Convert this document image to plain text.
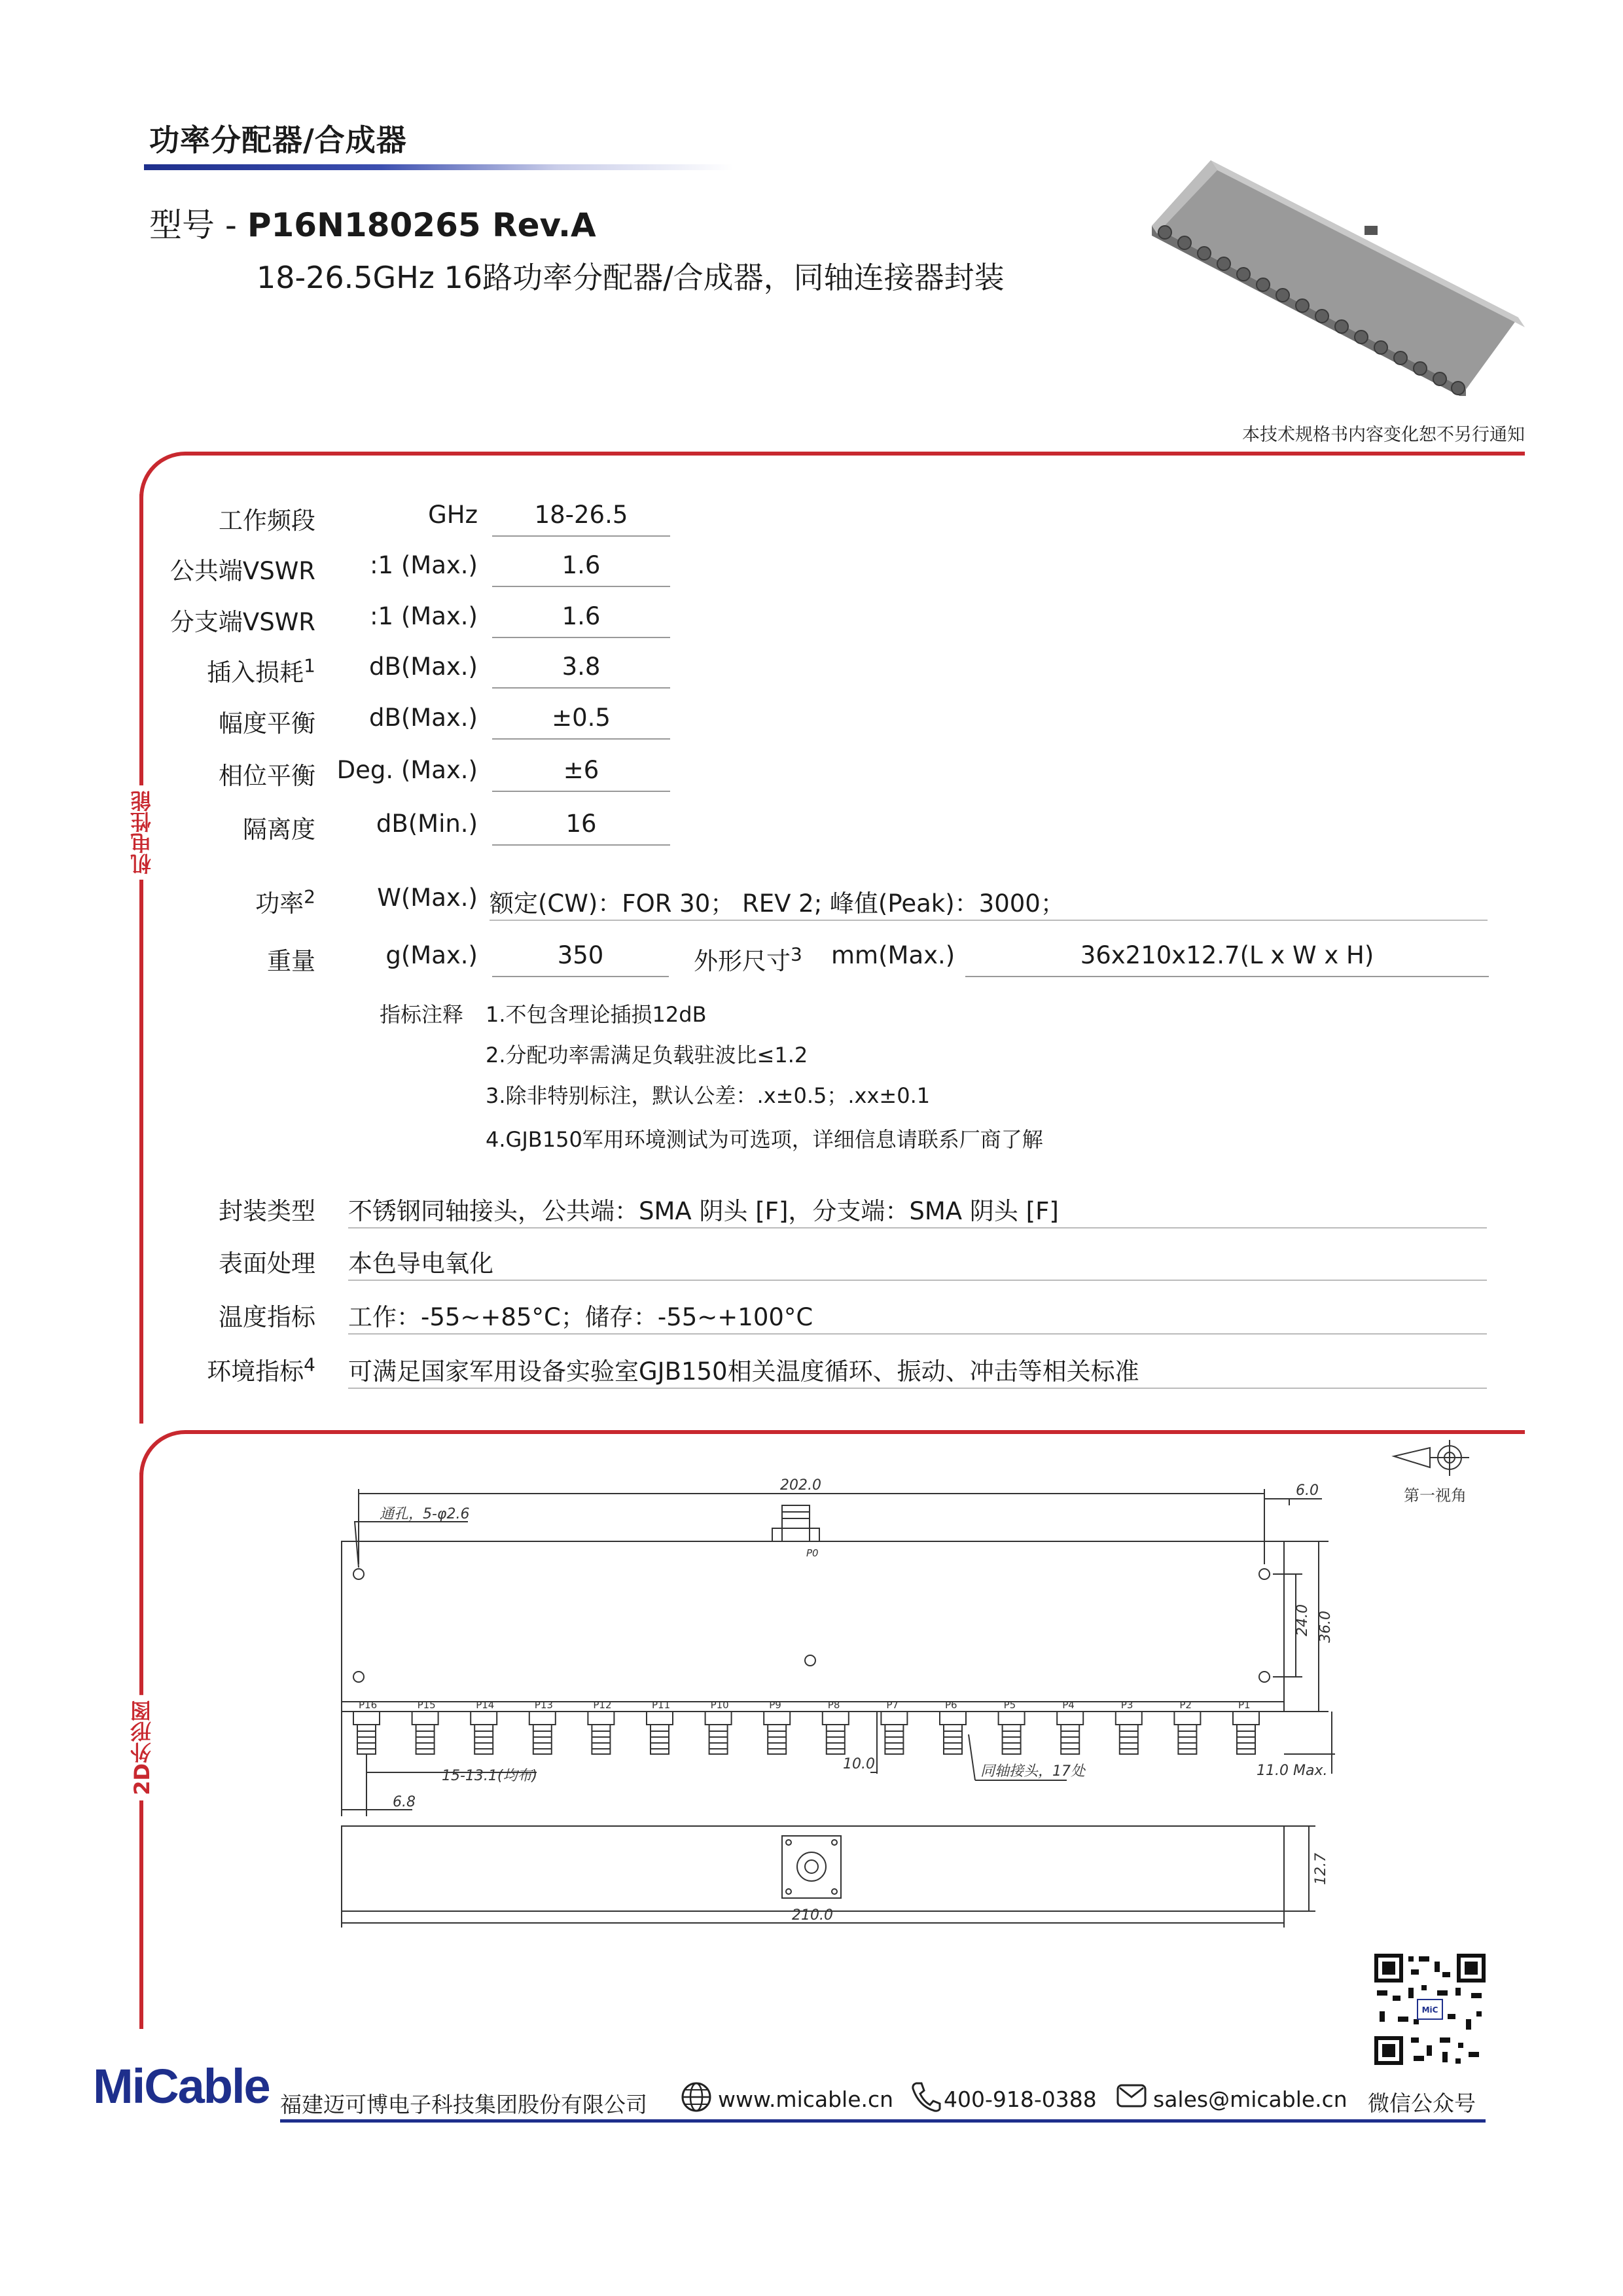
功率分配器/合成器
型号 - P16N180265 Rev.A
18-26.5GHz 16路功率分配器/合成器，同轴连接器封装
本技术规格书内容变化恕不另行通知
机电性能
工作频段	GHz	18-26.5
公共端VSWR	:1 (Max.)	1.6
分支端VSWR	:1 (Max.)	1.6
插入损耗$^1$	dB(Max.)	3.8
幅度平衡	dB(Max.)	±0.5
相位平衡 Deg. (Max.)	±6
隔离度	dB(Min.)	16
功率$^2$	W(Max.) 额定(CW)：FOR 30； REV 2; 峰值(Peak)：3000；
重量	g(Max.)	350	外形尺寸$^3$ mm(Max.)	36x210x12.7(L x W x H)
指标注释 1.不包含理论插损12dB
2.分配功率需满足负载驻波比≤1.2
3.除非特别标注，默认公差：.x±0.5；.xx±0.1
4.GJB150军用环境测试为可选项，详细信息请联系厂商了解
封装类型 不锈钢同轴接头，公共端：SMA 阴头 [F]，分支端：SMA 阴头 [F]
表面处理 本色导电氧化
温度指标 工作：-55~+85°C；储存：-55~+100°C
环境指标$^4$ 可满足国家军用设备实验室GJB150相关温度循环、振动、冲击等相关标准
2D外形图	P16	P15	P14	P13	P12	P11	P10	P9	P8	P7	P6	P5	P4	P3	P2	P1
202.0
通孔，5-φ2.6
6.0
24.0 36.0
P0
15-13.1(均布)
10.0	同轴接头，17处	11.0 Max.
6.8
12.7
210.0
第一视角
MiC
MiCable 福建迈可博电子科技集团股份有限公司	www.micable.cn 400-918-0388	sales@micable.cn 微信公众号
